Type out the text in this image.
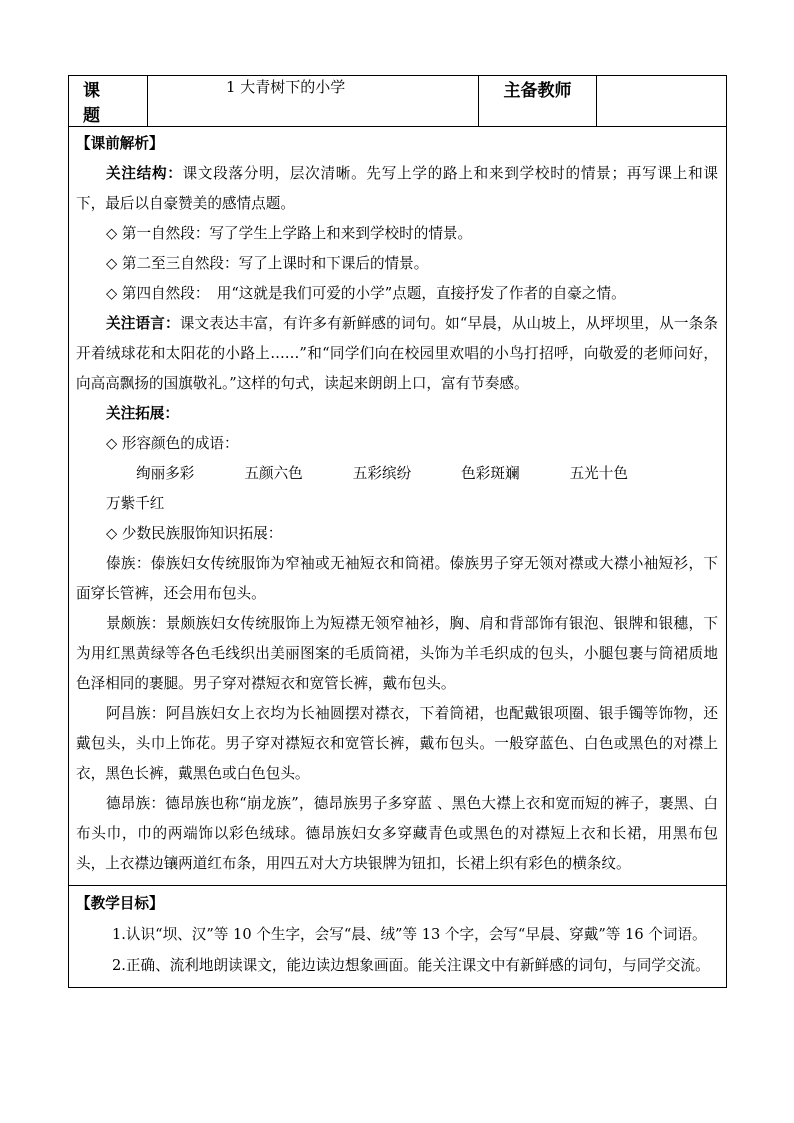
课题	1 大青树下的小学	主备教师	

【课前解析】

关注结构：课文段落分明，层次清晰。先写上学的路上和来到学校时的情景；再写课上和课下，最后以自豪赞美的感情点题。

◇ 第一自然段：写了学生上学路上和来到学校时的情景。

◇ 第二至三自然段：写了上课时和下课后的情景。

◇ 第四自然段：　用“这就是我们可爱的小学”点题，直接抒发了作者的自豪之情。

关注语言：课文表达丰富，有许多有新鲜感的词句。如“早晨，从山坡上，从坪坝里，从一条条开着绒球花和太阳花的小路上……”和“同学们向在校园里欢唱的小鸟打招呼，向敬爱的老师问好，向高高飘扬的国旗敬礼。”这样的句式，读起来朗朗上口，富有节奏感。

关注拓展：

◇ 形容颜色的成语：

绚丽多彩	五颜六色	五彩缤纷	色彩斑斓	五光十色万紫千红

◇ 少数民族服饰知识拓展：

傣族：傣族妇女传统服饰为窄袖或无袖短衣和筒裙。傣族男子穿无领对襟或大襟小袖短衫，下面穿长管裤，还会用布包头。

景颇族：景颇族妇女传统服饰上为短襟无领窄袖衫，胸、肩和背部饰有银泡、银牌和银穗，下为用红黑黄绿等各色毛线织出美丽图案的毛质筒裙，头饰为羊毛织成的包头，小腿包裹与筒裙质地色泽相同的裹腿。男子穿对襟短衣和宽管长裤，戴布包头。

阿昌族：阿昌族妇女上衣均为长袖圆摆对襟衣，下着筒裙，也配戴银项圈、银手镯等饰物，还戴包头，头巾上饰花。男子穿对襟短衣和宽管长裤，戴布包头。一般穿蓝色、白色或黑色的对襟上衣，黑色长裤，戴黑色或白色包头。

德昂族：德昂族也称“崩龙族”，德昂族男子多穿蓝 、黑色大襟上衣和宽而短的裤子，裹黑、白布头巾，巾的两端饰以彩色绒球。德昂族妇女多穿藏青色或黑色的对襟短上衣和长裙，用黑布包头，上衣襟边镶两道红布条，用四五对大方块银牌为钮扣，长裙上织有彩色的横条纹。

【教学目标】

1.认识“坝、汉”等 10 个生字，会写“晨、绒”等 13 个字，会写“早晨、穿戴”等 16 个词语。

2.正确、流利地朗读课文，能边读边想象画面。能关注课文中有新鲜感的词句，与同学交流。
